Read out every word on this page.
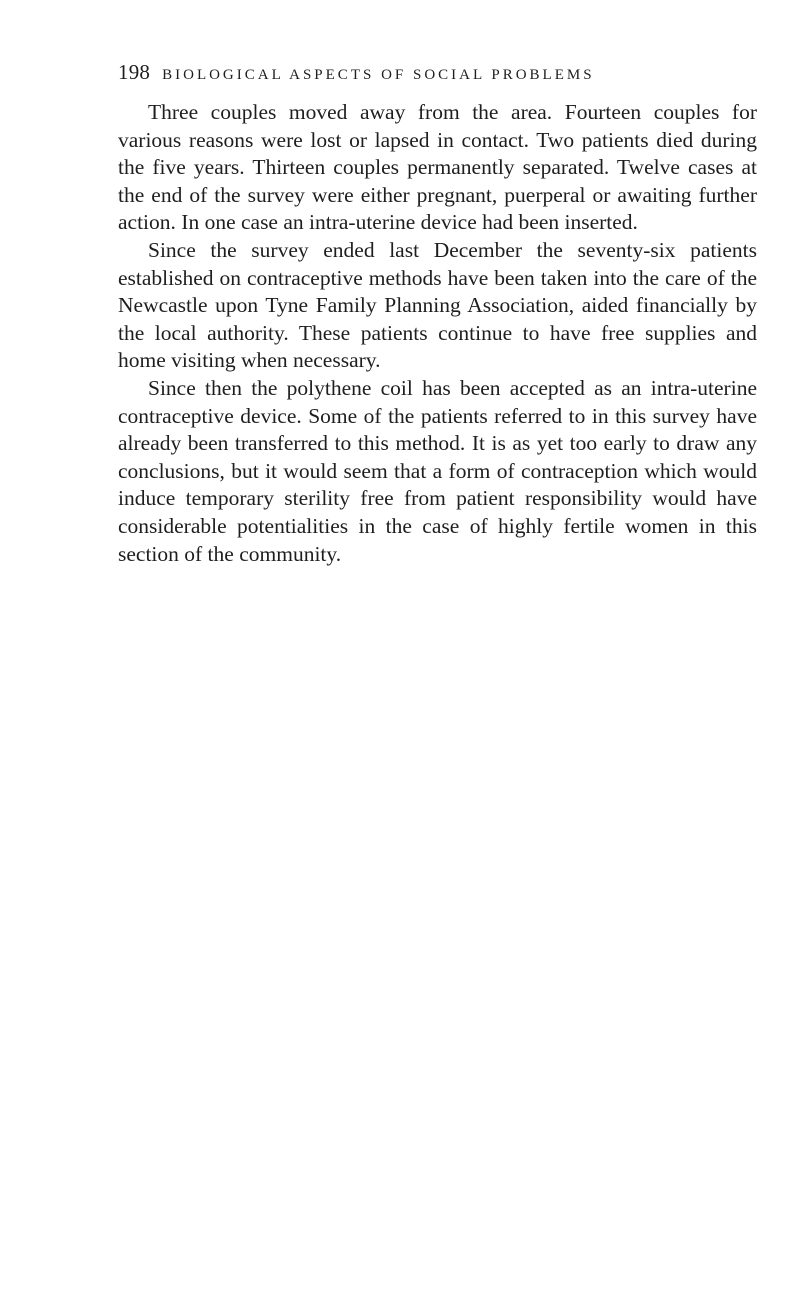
198 BIOLOGICAL ASPECTS OF SOCIAL PROBLEMS

Three couples moved away from the area. Fourteen couples for various reasons were lost or lapsed in contact. Two patients died during the five years. Thirteen couples permanently separated. Twelve cases at the end of the survey were either pregnant, puerperal or awaiting further action. In one case an intra-uterine device had been inserted.

Since the survey ended last December the seventy-six patients established on contraceptive methods have been taken into the care of the Newcastle upon Tyne Family Planning Association, aided financially by the local authority. These patients continue to have free supplies and home visiting when necessary.

Since then the polythene coil has been accepted as an intra-uterine contraceptive device. Some of the patients referred to in this survey have already been transferred to this method. It is as yet too early to draw any conclusions, but it would seem that a form of contraception which would induce temporary sterility free from patient responsibility would have considerable potentialities in the case of highly fertile women in this section of the community.
